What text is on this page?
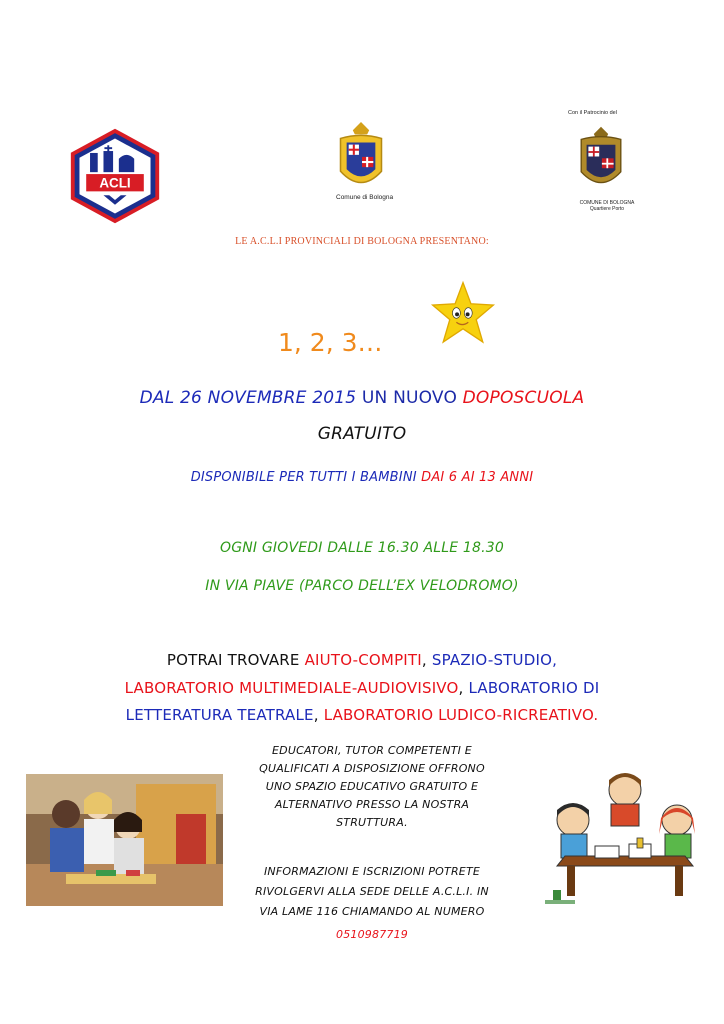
ACLI
Comune di Bologna
Con il Patrocinio del
COMUNE DI BOLOGNA
Quartiere Porto
LE A.C.L.I PROVINCIALI DI BOLOGNA PRESENTANO:
1, 2, 3…
DAL 26 NOVEMBRE 2015 UN NUOVO DOPOSCUOLA
GRATUITO
DISPONIBILE PER TUTTI I BAMBINI DAI 6 AI 13 ANNI
OGNI GIOVEDI DALLE 16.30 ALLE 18.30
IN VIA PIAVE (PARCO DELL’EX VELODROMO)
POTRAI TROVARE AIUTO-COMPITI, SPAZIO-STUDIO,
LABORATORIO MULTIMEDIALE-AUDIOVISIVO, LABORATORIO DI
LETTERATURA TEATRALE, LABORATORIO LUDICO-RICREATIVO.
EDUCATORI, TUTOR COMPETENTI E
QUALIFICATI A DISPOSIZIONE OFFRONO
UNO SPAZIO EDUCATIVO GRATUITO E
ALTERNATIVO PRESSO LA NOSTRA
STRUTTURA.
INFORMAZIONI E ISCRIZIONI POTRETE
RIVOLGERVI ALLA SEDE DELLE A.C.L.I. IN
VIA LAME 116 CHIAMANDO AL NUMERO
0510987719
